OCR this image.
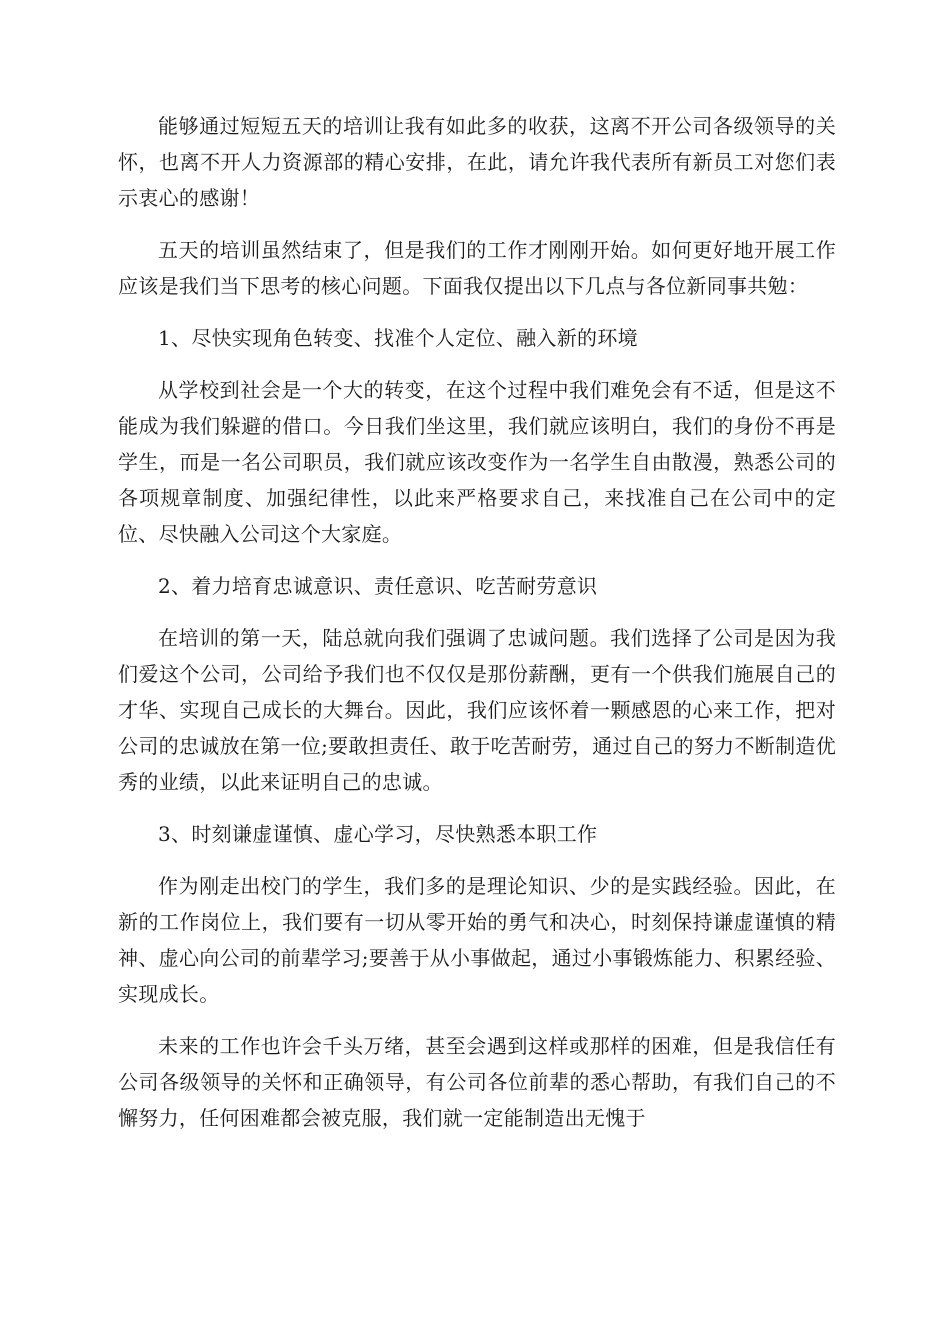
能够通过短短五天的培训让我有如此多的收获，这离不开公司各级领导的关怀，也离不开人力资源部的精心安排，在此，请允许我代表所有新员工对您们表示衷心的感谢！

五天的培训虽然结束了，但是我们的工作才刚刚开始。如何更好地开展工作应该是我们当下思考的核心问题。下面我仅提出以下几点与各位新同事共勉：

1、尽快实现角色转变、找准个人定位、融入新的环境

从学校到社会是一个大的转变，在这个过程中我们难免会有不适，但是这不能成为我们躲避的借口。今日我们坐这里，我们就应该明白，我们的身份不再是学生，而是一名公司职员，我们就应该改变作为一名学生自由散漫，熟悉公司的各项规章制度、加强纪律性，以此来严格要求自己，来找准自己在公司中的定位、尽快融入公司这个大家庭。

2、着力培育忠诚意识、责任意识、吃苦耐劳意识

在培训的第一天，陆总就向我们强调了忠诚问题。我们选择了公司是因为我们爱这个公司，公司给予我们也不仅仅是那份薪酬，更有一个供我们施展自己的才华、实现自己成长的大舞台。因此，我们应该怀着一颗感恩的心来工作，把对公司的忠诚放在第一位;要敢担责任、敢于吃苦耐劳，通过自己的努力不断制造优秀的业绩，以此来证明自己的忠诚。

3、时刻谦虚谨慎、虚心学习，尽快熟悉本职工作

作为刚走出校门的学生，我们多的是理论知识、少的是实践经验。因此，在新的工作岗位上，我们要有一切从零开始的勇气和决心，时刻保持谦虚谨慎的精神、虚心向公司的前辈学习;要善于从小事做起，通过小事锻炼能力、积累经验、实现成长。

未来的工作也许会千头万绪，甚至会遇到这样或那样的困难，但是我信任有公司各级领导的关怀和正确领导，有公司各位前辈的悉心帮助，有我们自己的不懈努力，任何困难都会被克服，我们就一定能制造出无愧于
